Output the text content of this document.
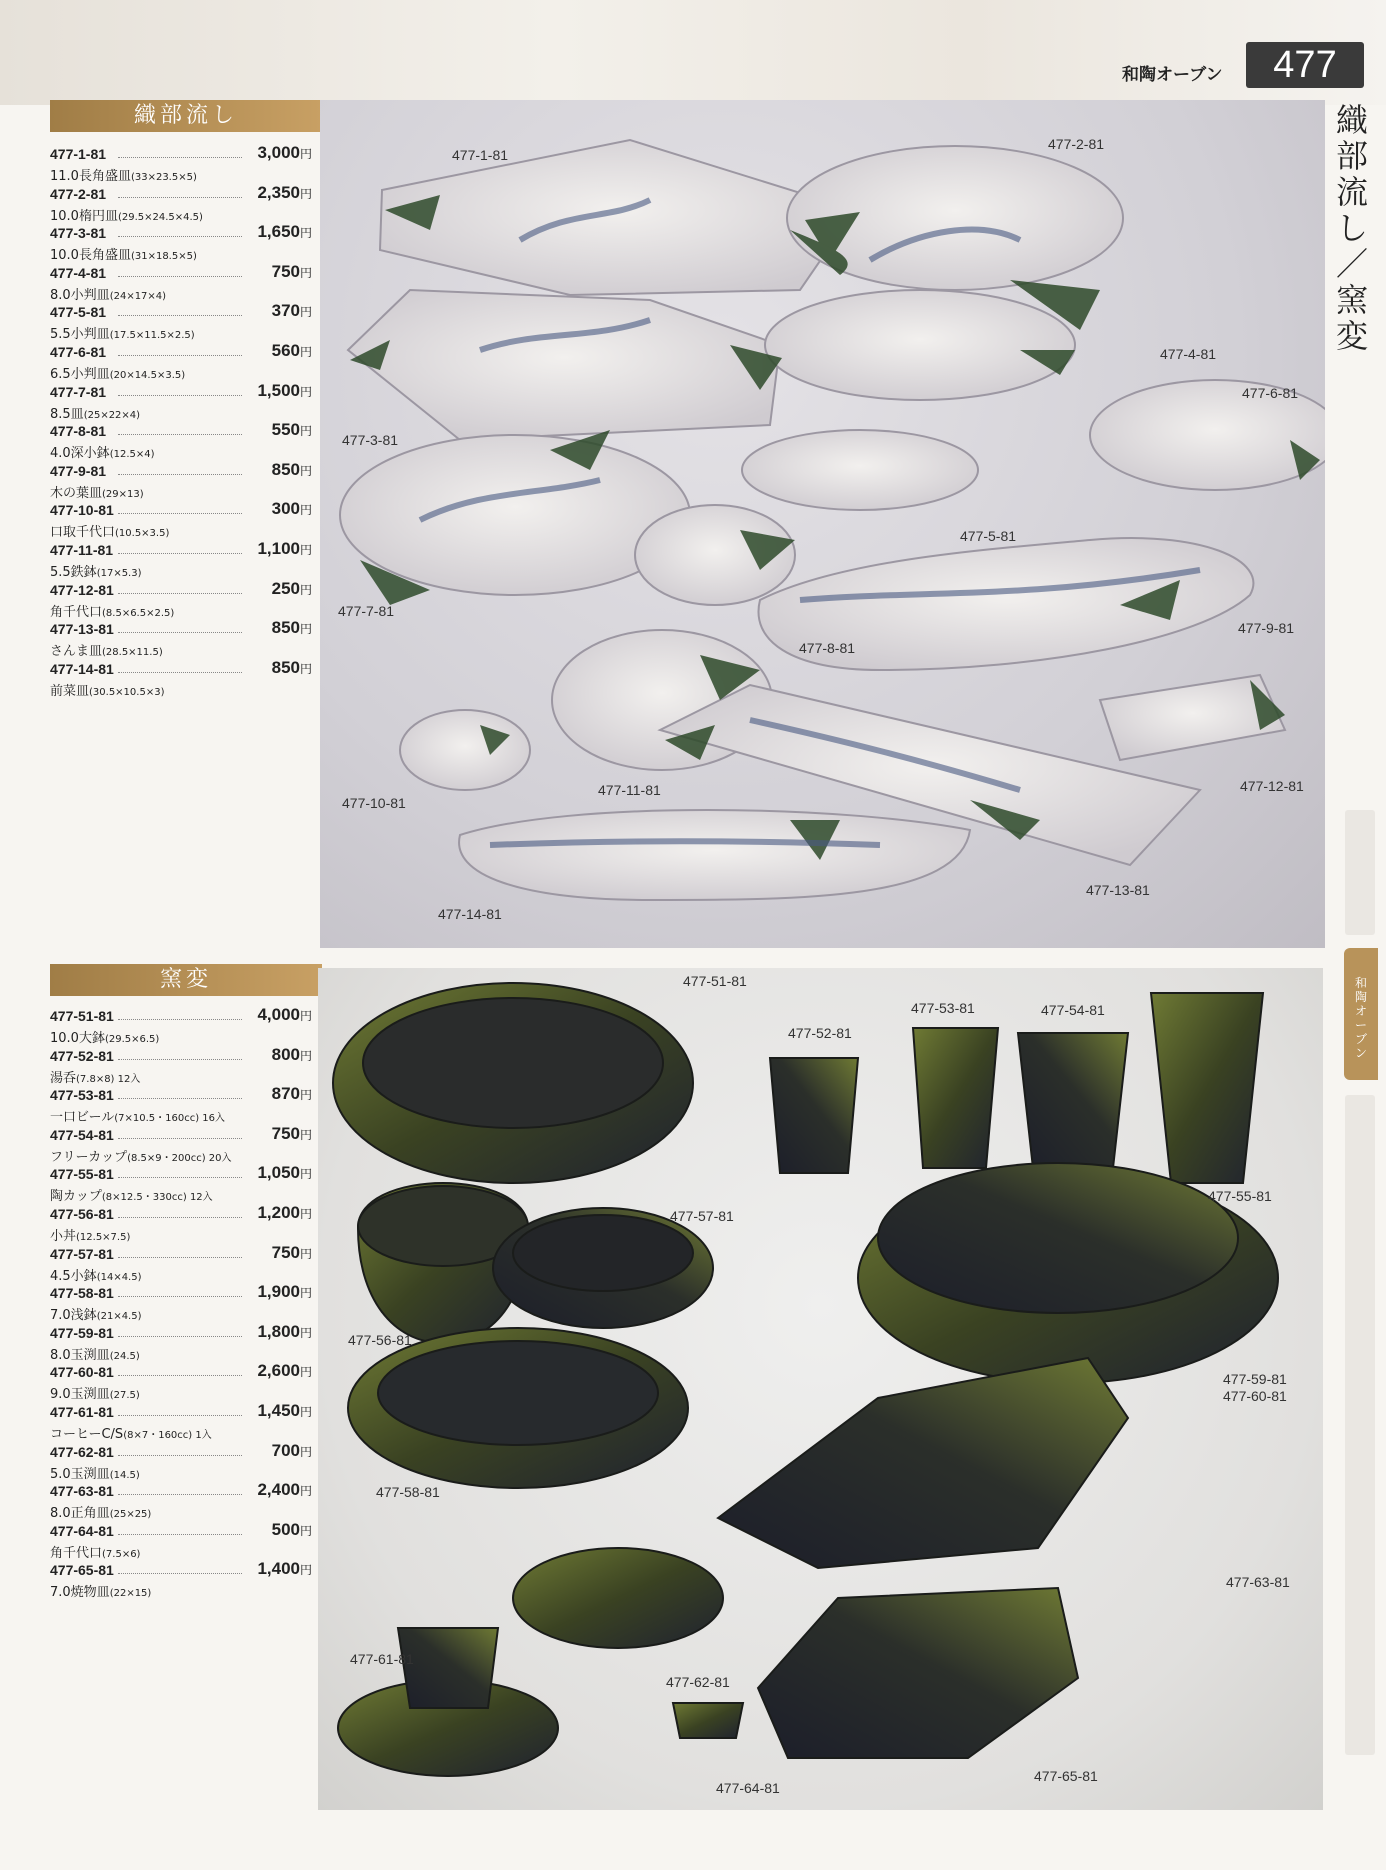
和陶オーブン	477
織
部
流
し
／
窯
変
和
陶
オ
ー
ブ
ン
織部流し
477-1-81	3,000円
11.0長角盛皿(33×23.5×5)
477-2-81	2,350円
10.0楕円皿(29.5×24.5×4.5)
477-3-81	1,650円
10.0長角盛皿(31×18.5×5)
477-4-81	750円
8.0小判皿(24×17×4)
477-5-81	370円
5.5小判皿(17.5×11.5×2.5)
477-6-81	560円
6.5小判皿(20×14.5×3.5)
477-7-81	1,500円
8.5皿(25×22×4)
477-8-81	550円
4.0深小鉢(12.5×4)
477-9-81	850円
木の葉皿(29×13)
477-10-81	300円
口取千代口(10.5×3.5)
477-11-81	1,100円
5.5鉄鉢(17×5.3)
477-12-81	250円
角千代口(8.5×6.5×2.5)
477-13-81	850円
さんま皿(28.5×11.5)
477-14-81	850円
前菜皿(30.5×10.5×3)
窯変
477-51-81	4,000円
10.0大鉢(29.5×6.5)
477-52-81	800円
湯呑(7.8×8) 12入
477-53-81	870円
一口ビール(7×10.5・160cc) 16入
477-54-81	750円
フリーカップ(8.5×9・200cc) 20入
477-55-81	1,050円
陶カップ(8×12.5・330cc) 12入
477-56-81	1,200円
小丼(12.5×7.5)
477-57-81	750円
4.5小鉢(14×4.5)
477-58-81	1,900円
7.0浅鉢(21×4.5)
477-59-81	1,800円
8.0玉渕皿(24.5)
477-60-81	2,600円
9.0玉渕皿(27.5)
477-61-81	1,450円
コーヒーC/S(8×7・160cc) 1入
477-62-81	700円
5.0玉渕皿(14.5)
477-63-81	2,400円
8.0正角皿(25×25)
477-64-81	500円
角千代口(7.5×6)
477-65-81	1,400円
7.0焼物皿(22×15)
477-1-81
477-2-81
477-3-81
477-4-81
477-5-81
477-6-81
477-7-81
477-8-81
477-9-81
477-10-81
477-11-81	477-12-81
477-13-81
477-14-81
477-51-81
477-52-81
477-53-81	477-54-81
477-55-81
477-56-81
477-57-81
477-58-81
477-59-81
477-60-81
477-61-81
477-62-81
477-63-81
477-64-81
477-65-81
